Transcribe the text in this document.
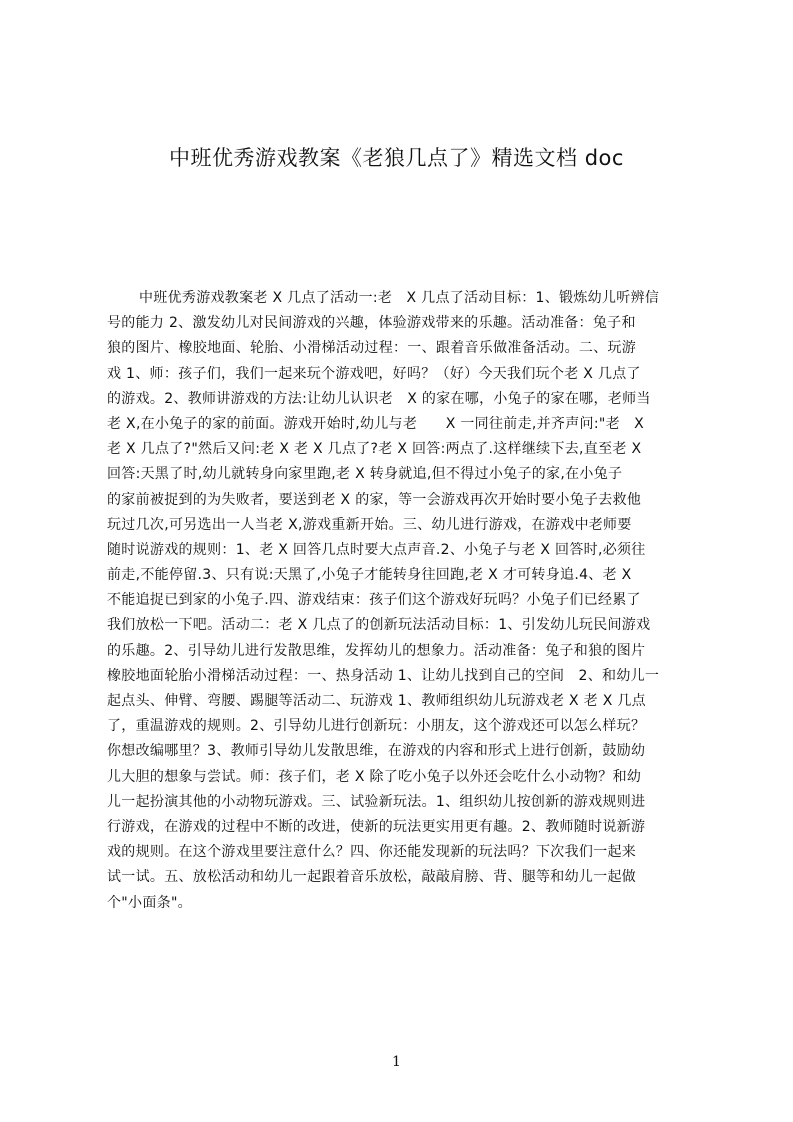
中班优秀游戏教案《老狼几点了》精选文档 doc
中班优秀游戏教案老 X 几点了活动一:老　X 几点了活动目标：1、锻炼幼儿听辨信
号的能力 2、激发幼儿对民间游戏的兴趣，体验游戏带来的乐趣。活动准备：兔子和
狼的图片、橡胶地面、轮胎、小滑梯活动过程：一、跟着音乐做准备活动。二、玩游
戏 1、师：孩子们，我们一起来玩个游戏吧，好吗？（好）今天我们玩个老 X 几点了
的游戏。2、教师讲游戏的方法:让幼儿认识老　X 的家在哪，小兔子的家在哪，老师当
老 X,在小兔子的家的前面。游戏开始时,幼儿与老　　X 一同往前走,并齐声问:"老　X
老 X 几点了?"然后又问:老 X 老 X 几点了?老 X 回答:两点了.这样继续下去,直至老 X
回答:天黑了时,幼儿就转身向家里跑,老 X 转身就追,但不得过小兔子的家,在小兔子
的家前被捉到的为失败者，要送到老 X 的家，等一会游戏再次开始时要小兔子去救他
玩过几次,可另选出一人当老 X,游戏重新开始。三、幼儿进行游戏，在游戏中老师要
随时说游戏的规则：1、老 X 回答几点时要大点声音.2、小兔子与老 X 回答时,必须往
前走,不能停留.3、只有说:天黑了,小兔子才能转身往回跑,老 X 才可转身追.4、老 X
不能追捉已到家的小兔子.四、游戏结束：孩子们这个游戏好玩吗？小兔子们已经累了
我们放松一下吧。活动二：老 X 几点了的创新玩法活动目标：1、引发幼儿玩民间游戏
的乐趣。2、引导幼儿进行发散思维，发挥幼儿的想象力。活动准备：兔子和狼的图片
橡胶地面轮胎小滑梯活动过程：一、热身活动 1、让幼儿找到自己的空间　2、和幼儿一
起点头、伸臂、弯腰、踢腿等活动二、玩游戏 1、教师组织幼儿玩游戏老 X 老 X 几点
了，重温游戏的规则。2、引导幼儿进行创新玩：小朋友，这个游戏还可以怎么样玩？
你想改编哪里？3、教师引导幼儿发散思维，在游戏的内容和形式上进行创新，鼓励幼
儿大胆的想象与尝试。师：孩子们，老 X 除了吃小兔子以外还会吃什么小动物？和幼
儿一起扮演其他的小动物玩游戏。三、试验新玩法。1、组织幼儿按创新的游戏规则进
行游戏，在游戏的过程中不断的改进，使新的玩法更实用更有趣。2、教师随时说新游
戏的规则。在这个游戏里要注意什么？四、你还能发现新的玩法吗？下次我们一起来
试一试。五、放松活动和幼儿一起跟着音乐放松，敲敲肩膀、背、腿等和幼儿一起做
个"小面条"。
1
